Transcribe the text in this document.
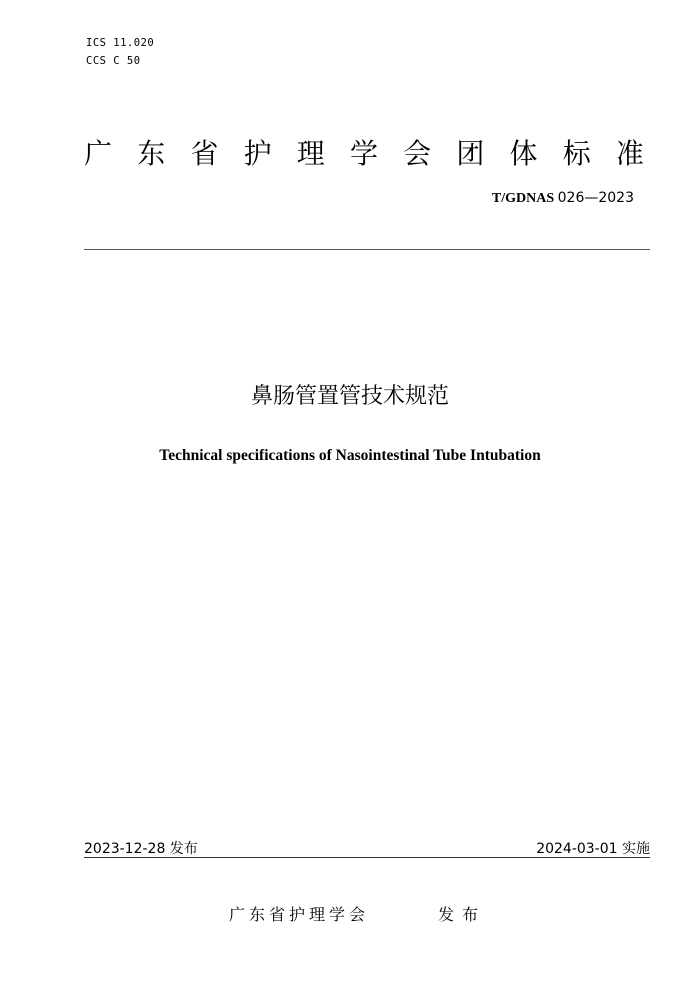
ICS 11.020
CCS C 50
广 东 省 护 理 学 会 团 体 标 准
T/GDNAS 026—2023
鼻肠管置管技术规范
Technical specifications of Nasointestinal Tube Intubation
2023-12-28 发布	2024-03-01 实施
广东省护理学会	发布
